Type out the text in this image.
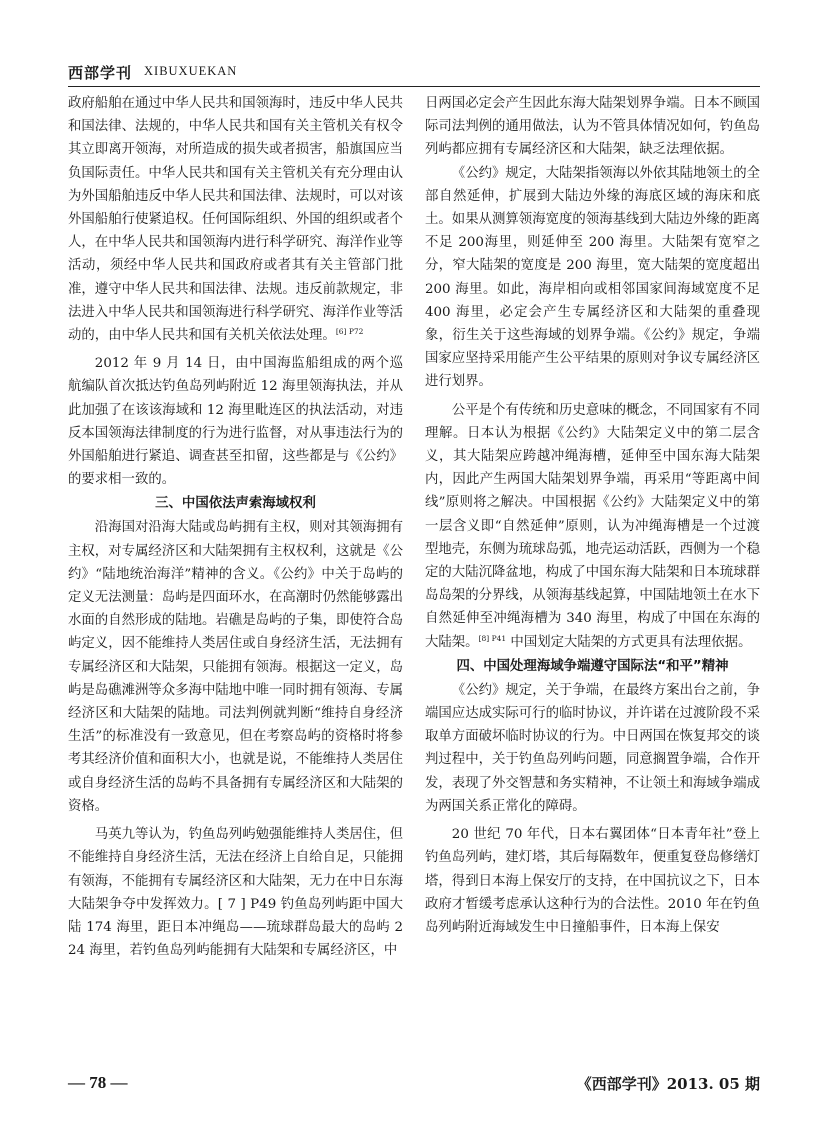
西部学刊 XIBUXUEKAN

政府船舶在通过中华人民共和国领海时，违反中华人民共和国法律、法规的，中华人民共和国有关主管机关有权令其立即离开领海，对所造成的损失或者损害，船旗国应当负国际责任。中华人民共和国有关主管机关有充分理由认为外国船舶违反中华人民共和国法律、法规时，可以对该外国船舶行使紧追权。任何国际组织、外国的组织或者个人，在中华人民共和国领海内进行科学研究、海洋作业等活动，须经中华人民共和国政府或者其有关主管部门批准，遵守中华人民共和国法律、法规。违反前款规定，非法进入中华人民共和国领海进行科学研究、海洋作业等活动的，由中华人民共和国有关机关依法处理。$^{[6] P72}$

2012 年 9 月 14 日，由中国海监船组成的两个巡航编队首次抵达钓鱼岛列屿附近 12 海里领海执法，并从此加强了在该该海域和 12 海里毗连区的执法活动，对违反本国领海法律制度的行为进行监督，对从事违法行为的外国船舶进行紧追、调查甚至扣留，这些都是与《公约》的要求相一致的。

三、中国依法声索海域权利

沿海国对沿海大陆或岛屿拥有主权，则对其领海拥有主权，对专属经济区和大陆架拥有主权权利，这就是《公约》“陆地统治海洋”精神的含义。《公约》中关于岛屿的定义无法测量：岛屿是四面环水，在高潮时仍然能够露出水面的自然形成的陆地。岩礁是岛屿的子集，即使符合岛屿定义，因不能维持人类居住或自身经济生活，无法拥有专属经济区和大陆架，只能拥有领海。根据这一定义，岛屿是岛礁滩洲等众多海中陆地中唯一同时拥有领海、专属经济区和大陆架的陆地。司法判例就判断“维持自身经济生活”的标准没有一致意见，但在考察岛屿的资格时将参考其经济价值和面积大小，也就是说，不能维持人类居住或自身经济生活的岛屿不具备拥有专属经济区和大陆架的资格。

马英九等认为，钓鱼岛列屿勉强能维持人类居住，但不能维持自身经济生活，无法在经济上自给自足，只能拥有领海，不能拥有专属经济区和大陆架，无力在中日东海大陆架争夺中发挥效力。[ 7 ] P49 钓鱼岛列屿距中国大陆 174 海里，距日本冲绳岛——琉球群岛最大的岛屿 224 海里，若钓鱼岛列屿能拥有大陆架和专属经济区，中

日两国必定会产生因此东海大陆架划界争端。日本不顾国际司法判例的通用做法，认为不管具体情况如何，钓鱼岛列屿都应拥有专属经济区和大陆架，缺乏法理依据。

《公约》规定，大陆架指领海以外依其陆地领土的全部自然延伸，扩展到大陆边外缘的海底区域的海床和底土。如果从测算领海宽度的领海基线到大陆边外缘的距离不足 200海里，则延伸至 200 海里。大陆架有宽窄之分，窄大陆架的宽度是 200 海里，宽大陆架的宽度超出 200 海里。如此，海岸相向或相邻国家间海域宽度不足 400 海里，必定会产生专属经济区和大陆架的重叠现象，衍生关于这些海域的划界争端。《公约》规定，争端国家应坚持采用能产生公平结果的原则对争议专属经济区进行划界。

公平是个有传统和历史意味的概念，不同国家有不同理解。日本认为根据《公约》大陆架定义中的第二层含义，其大陆架应跨越冲绳海槽，延伸至中国东海大陆架内，因此产生两国大陆架划界争端，再采用“等距离中间线”原则将之解决。中国根据《公约》大陆架定义中的第一层含义即“自然延伸”原则，认为冲绳海槽是一个过渡型地壳，东侧为琉球岛弧，地壳运动活跃，西侧为一个稳定的大陆沉降盆地，构成了中国东海大陆架和日本琉球群岛岛架的分界线，从领海基线起算，中国陆地领土在水下自然延伸至冲绳海槽为 340 海里，构成了中国在东海的大陆架。$^{[8] P41}$ 中国划定大陆架的方式更具有法理依据。

四、中国处理海域争端遵守国际法“和平”精神

《公约》规定，关于争端，在最终方案出台之前，争端国应达成实际可行的临时协议，并许诺在过渡阶段不采取单方面破坏临时协议的行为。中日两国在恢复邦交的谈判过程中，关于钓鱼岛列屿问题，同意搁置争端，合作开发，表现了外交智慧和务实精神，不让领土和海域争端成为两国关系正常化的障碍。

20 世纪 70 年代，日本右翼团体“日本青年社”登上钓鱼岛列屿，建灯塔，其后每隔数年，便重复登岛修缮灯塔，得到日本海上保安厅的支持，在中国抗议之下，日本政府才暂缓考虑承认这种行为的合法性。2010 年在钓鱼岛列屿附近海域发生中日撞船事件，日本海上保安

— 78 —	《西部学刊》2013. 05 期
